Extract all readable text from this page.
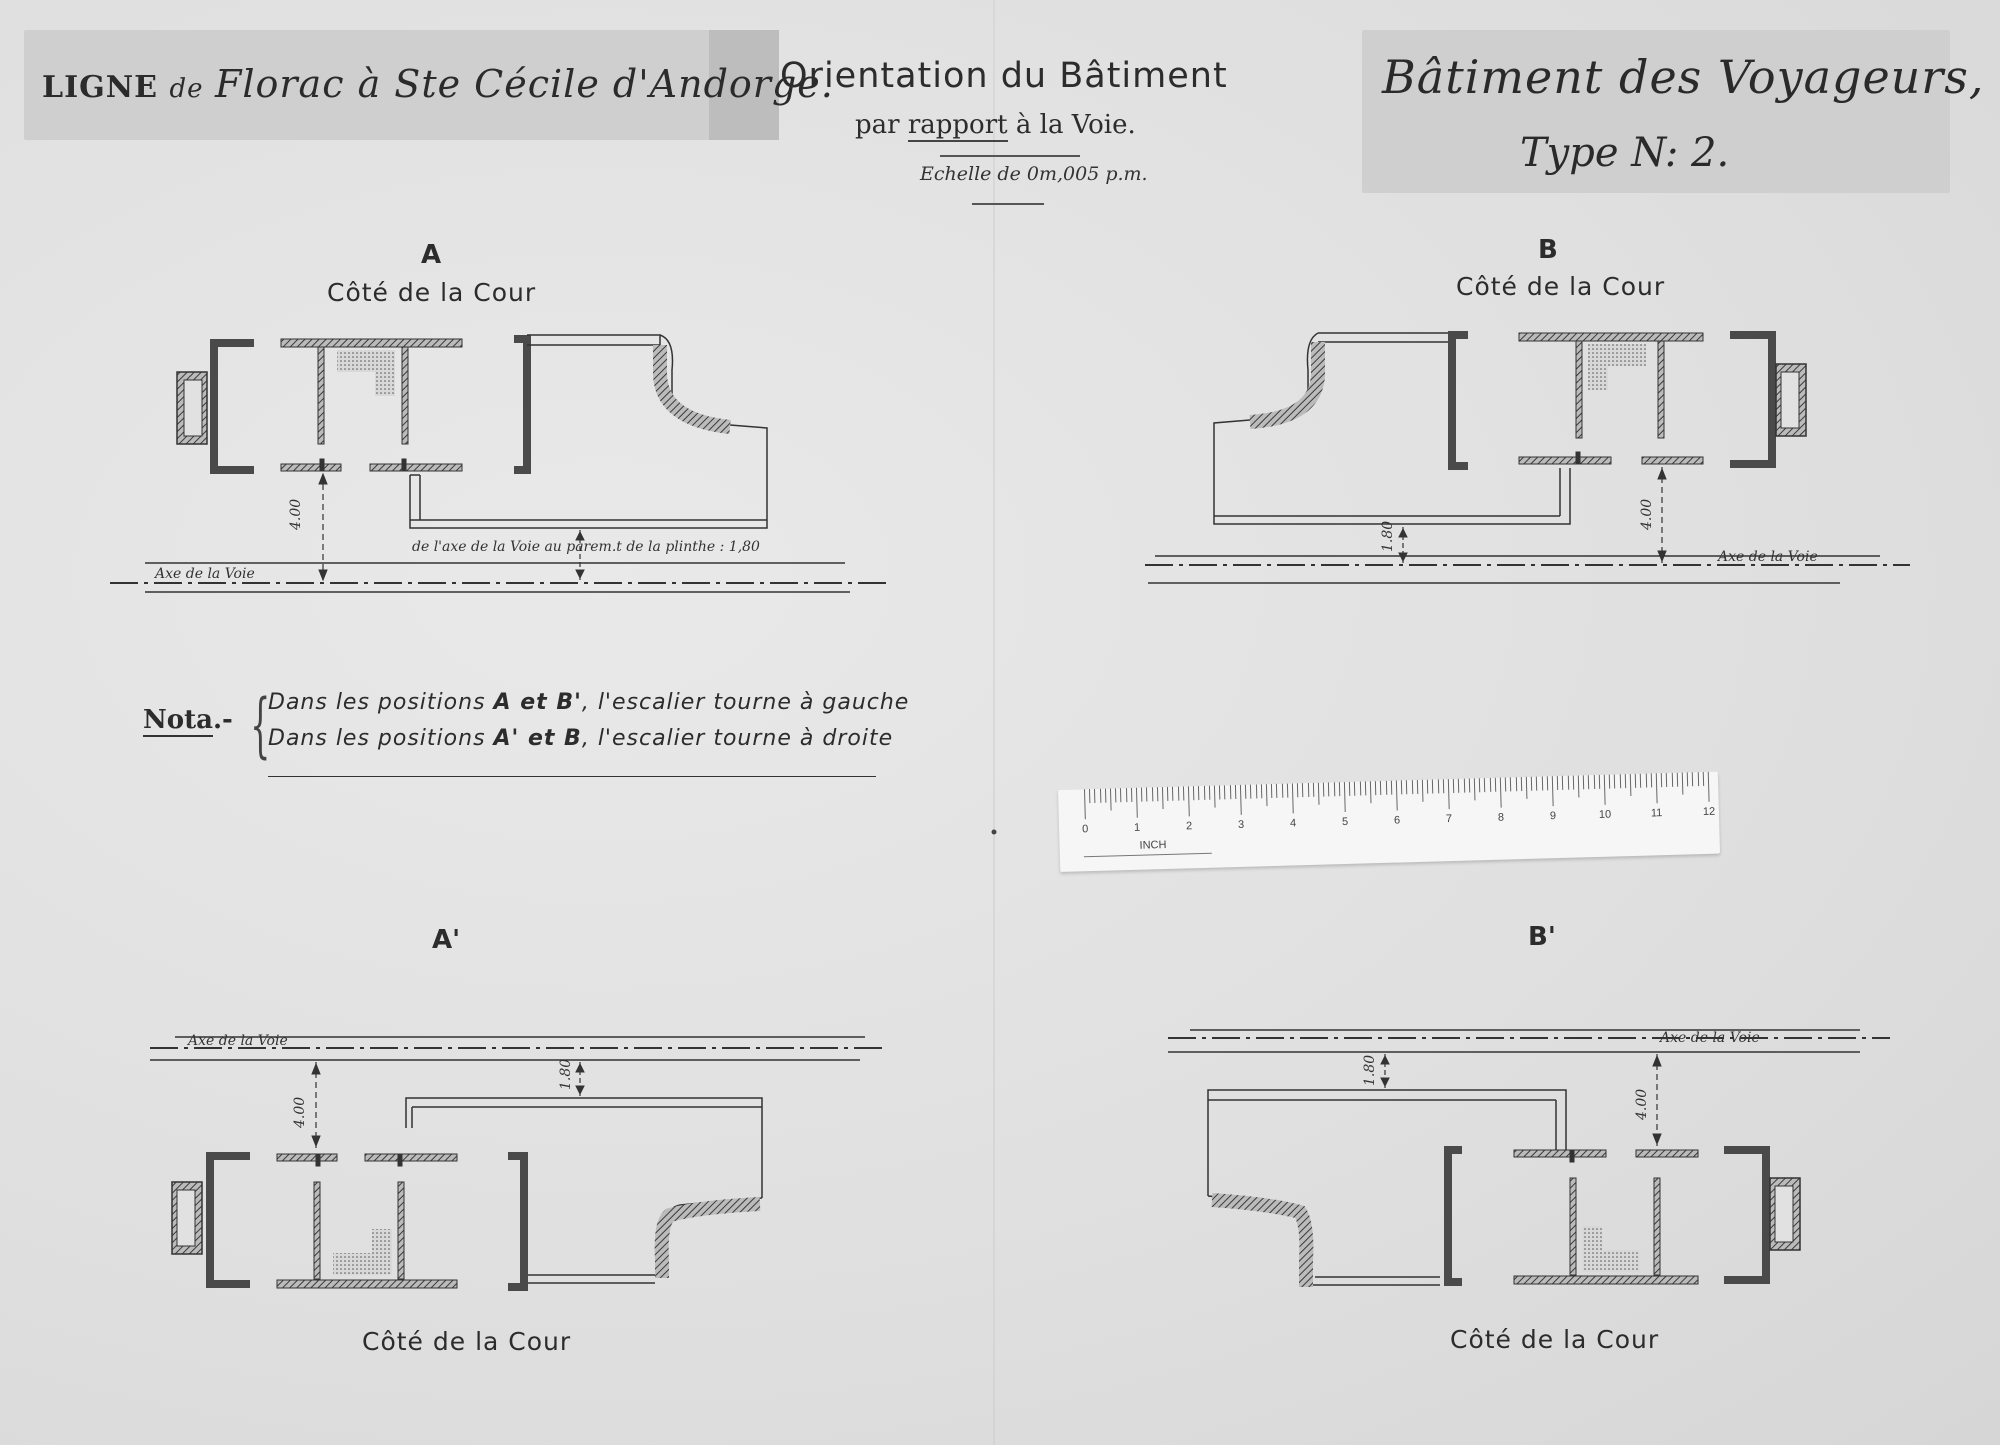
LIGNE de Florac à Ste Cécile d'Andorge.
Orientation du Bâtiment
par rapport à la Voie.
Echelle de 0m,005 p.m.
Bâtiment des Voyageurs,
Type N: 2.
A
Côté de la Cour
B
Côté de la Cour
A'
Côté de la Cour
B'
Côté de la Cour
Nota.- {
Dans les positions A et B', l'escalier tourne à gauche
Dans les positions A' et B, l'escalier tourne à droite
4.00
de l'axe de la Voie au parem.t de la plinthe : 1,80
Axe de la Voie
1.80
4.00
Axe de la Voie
4.00
1.80
Axe de la Voie
1.80
4.00
Axe de la Voie
0	1	2	3	4	5	6	7	8	9	10	11	12
INCH
